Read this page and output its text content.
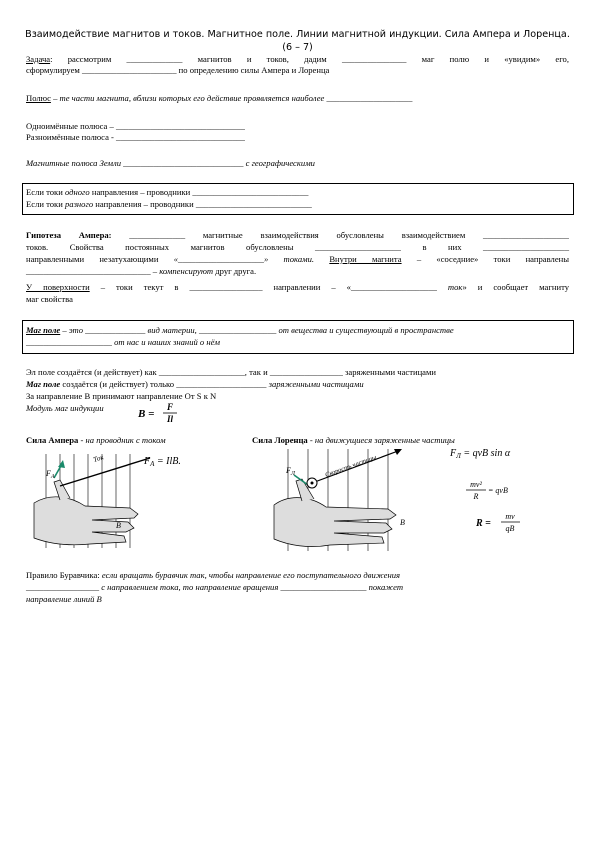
Взаимодействие магнитов и токов. Магнитное поле. Линии магнитной индукции. Сила Ампера и Лоренца. (6 – 7)
Задача: рассмотрим _____________ магнитов и токов, дадим _______________ маг полю и «увидим» его,
сформулируем ______________________ по определению силы Ампера и Лоренца
Полюс – те части магнита, вблизи которых его действие проявляется наиболее ____________________
Одноимённые полюса – ______________________________
Разноимённые полюса - ______________________________
Магнитные полюса Земли ____________________________ с географическими
Если токи одного направления – проводники ___________________________
Если токи разного направления – проводники ___________________________
Гипотеза Ампера: _____________ магнитные взаимодействия обусловлены взаимодействием ____________________
токов. Свойства постоянных магнитов обусловлены ____________________ в них ____________________
направленными незатухающими «____________________» токами. Внутри магнита – «соседние» токи направлены
_____________________________ – компенсируют друг друга.
У поверхности – токи текут в _________________ направлении – «____________________ ток» и сообщает магниту
маг свойства
Маг поле – это ______________ вид материи, __________________ от вещества и существующий в пространстве
____________________ от нас и наших знаний о нём
Эл поле создаётся (и действует) как ____________________, так и _________________ заряженными частицами
Маг поле создаётся (и действует) только _____________________ заряженными частицами
За направление В принимают направление От S к N
Модуль маг индукции	B =
F
Il
Сила Ампера - на проводник с током	Сила Лоренца - на движущиеся заряженные частицы
$F_A$
Ток
B
$F_А$ = IlB.
$F_Л$	Скорость частицы
B
$F_Л$ = qvB sin α
mv²
R
= qvB
R =
mv
qB
Правило Буравчика: если вращать буравчик так, чтобы направление его поступательного движения
_________________ с направлением тока, то направление вращения ____________________ покажет
направление линий В
